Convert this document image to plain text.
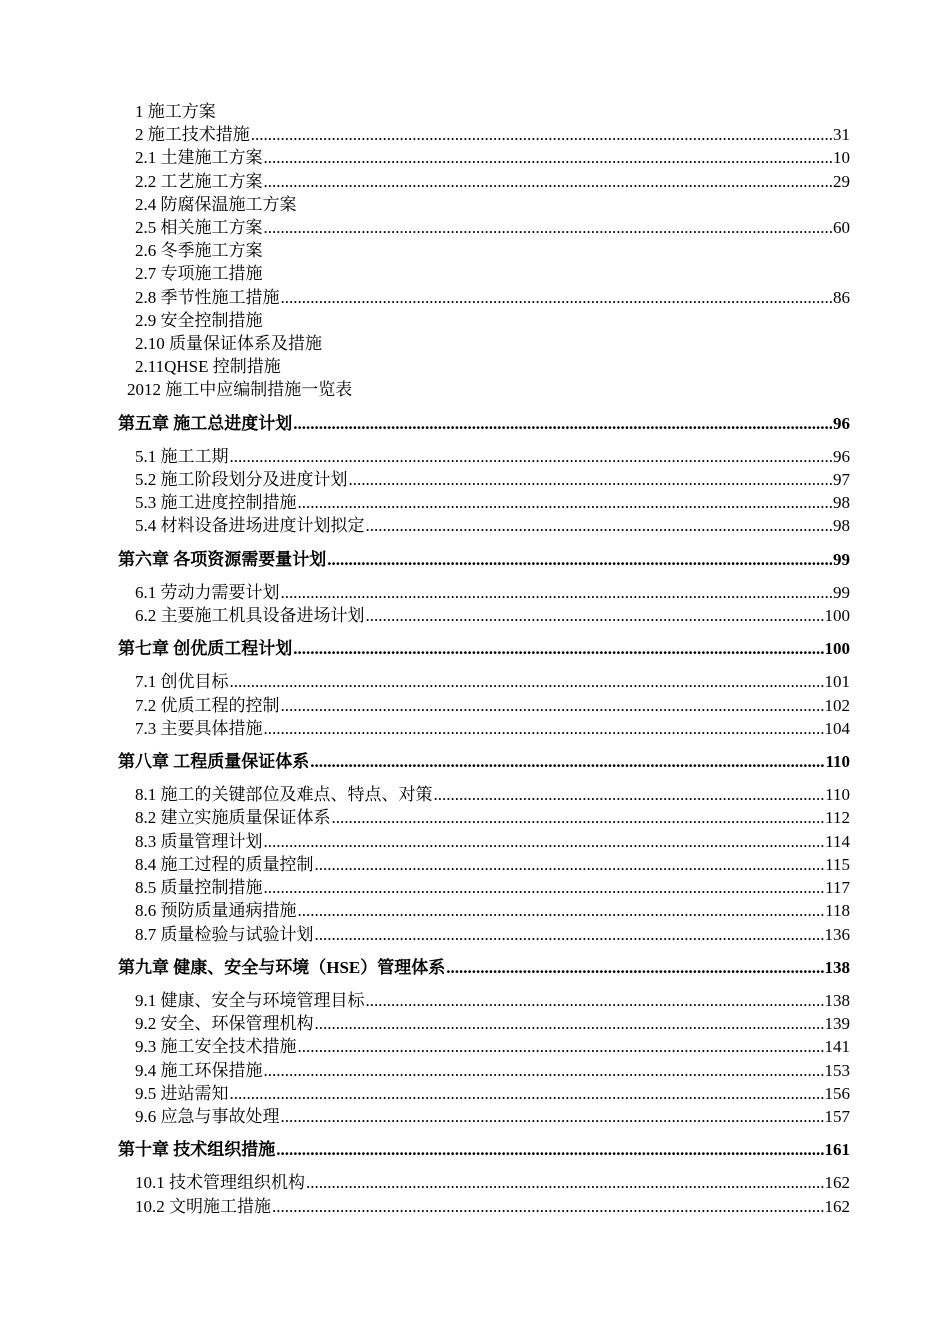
1 施工方案
2 施工技术措施 .....	31
2.1 土建施工方案 .....	10
2.2 工艺施工方案 .....	29
2.4 防腐保温施工方案
2.5 相关施工方案 .....	60
2.6 冬季施工方案
2.7 专项施工措施
2.8 季节性施工措施 .....	86
2.9 安全控制措施
2.10 质量保证体系及措施
2.11QHSE 控制措施
2012 施工中应编制措施一览表
第五章 施工总进度计划 .....	96
5.1 施工工期 .....	96
5.2 施工阶段划分及进度计划 .....	97
5.3 施工进度控制措施 .....	98
5.4 材料设备进场进度计划拟定 .....	98
第六章 各项资源需要量计划 .....	99
6.1 劳动力需要计划 .....	99
6.2 主要施工机具设备进场计划 .....	100
第七章 创优质工程计划 .....	100
7.1 创优目标 .....	101
7.2 优质工程的控制 .....	102
7.3 主要具体措施 .....	104
第八章 工程质量保证体系 .....	110
8.1 施工的关键部位及难点、特点、对策 .....	110
8.2 建立实施质量保证体系 .....	112
8.3 质量管理计划 .....	114
8.4 施工过程的质量控制 .....	115
8.5 质量控制措施 .....	117
8.6 预防质量通病措施 .....	118
8.7 质量检验与试验计划 .....	136
第九章 健康、安全与环境（HSE）管理体系 .....	138
9.1 健康、安全与环境管理目标 .....	138
9.2 安全、环保管理机构 .....	139
9.3 施工安全技术措施 .....	141
9.4 施工环保措施 .....	153
9.5 进站需知 .....	156
9.6 应急与事故处理 .....	157
第十章 技术组织措施 .....	161
10.1 技术管理组织机构 .....	162
10.2 文明施工措施 .....	162
